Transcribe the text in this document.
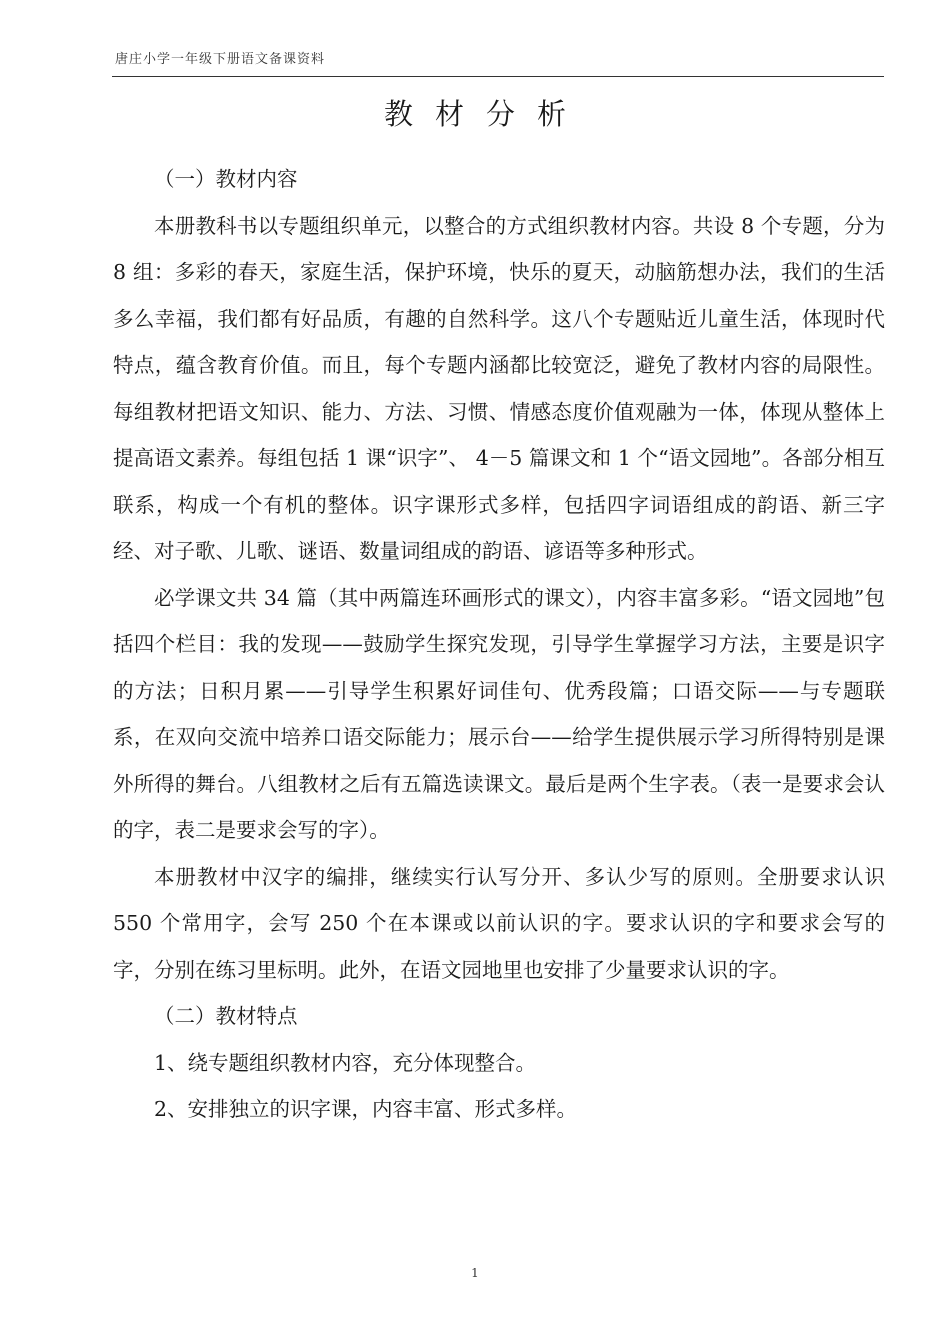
唐庄小学一年级下册语文备课资料
教材分析

（一）教材内容

本册教科书以专题组织单元，以整合的方式组织教材内容。共设 8 个专题，分为 8 组：多彩的春天，家庭生活，保护环境，快乐的夏天，动脑筋想办法，我们的生活多么幸福，我们都有好品质，有趣的自然科学。这八个专题贴近儿童生活，体现时代特点，蕴含教育价值。而且，每个专题内涵都比较宽泛，避免了教材内容的局限性。每组教材把语文知识、能力、方法、习惯、情感态度价值观融为一体，体现从整体上提高语文素养。每组包括 1 课“识字”、 4－5 篇课文和 1 个“语文园地”。各部分相互联系，构成一个有机的整体。识字课形式多样，包括四字词语组成的韵语、新三字经、对子歌、儿歌、谜语、数量词组成的韵语、谚语等多种形式。

必学课文共 34 篇（其中两篇连环画形式的课文），内容丰富多彩。“语文园地”包括四个栏目：我的发现——鼓励学生探究发现，引导学生掌握学习方法，主要是识字的方法；日积月累——引导学生积累好词佳句、优秀段篇；口语交际——与专题联系，在双向交流中培养口语交际能力；展示台——给学生提供展示学习所得特别是课外所得的舞台。八组教材之后有五篇选读课文。最后是两个生字表。（表一是要求会认的字，表二是要求会写的字）。

本册教材中汉字的编排，继续实行认写分开、多认少写的原则。全册要求认识 550 个常用字，会写 250 个在本课或以前认识的字。要求认识的字和要求会写的字，分别在练习里标明。此外，在语文园地里也安排了少量要求认识的字。

（二）教材特点

1、绕专题组织教材内容，充分体现整合。

2、安排独立的识字课，内容丰富、形式多样。

1
